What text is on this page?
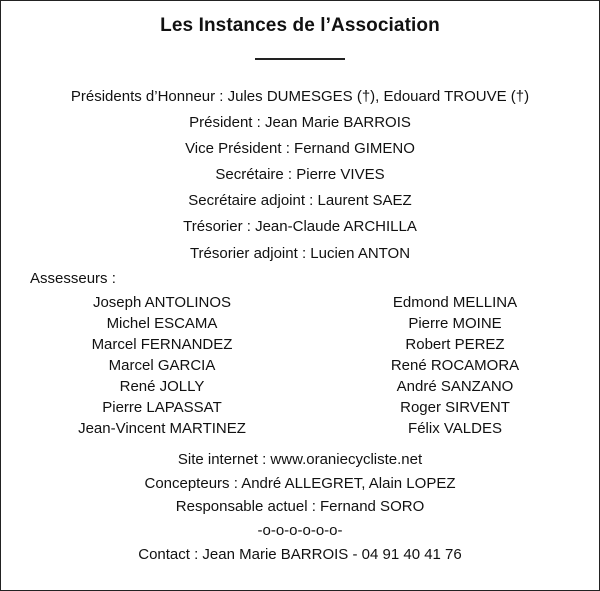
Les Instances de l’Association
Présidents d’Honneur : Jules DUMESGES (†), Edouard TROUVE (†)
Président : Jean Marie BARROIS
Vice Président : Fernand GIMENO
Secrétaire : Pierre VIVES
Secrétaire adjoint : Laurent SAEZ
Trésorier : Jean-Claude ARCHILLA
Trésorier adjoint : Lucien ANTON
Assesseurs :
Joseph ANTOLINOS
Michel ESCAMA
Marcel FERNANDEZ
Marcel GARCIA
René JOLLY
Pierre LAPASSAT
Jean-Vincent MARTINEZ
Edmond MELLINA
Pierre MOINE
Robert PEREZ
René ROCAMORA
André SANZANO
Roger SIRVENT
Félix VALDES
Site internet : www.oraniecycliste.net
Concepteurs : André ALLEGRET, Alain LOPEZ
Responsable actuel : Fernand SORO
-o-o-o-o-o-o-
Contact : Jean Marie BARROIS - 04 91 40 41 76
